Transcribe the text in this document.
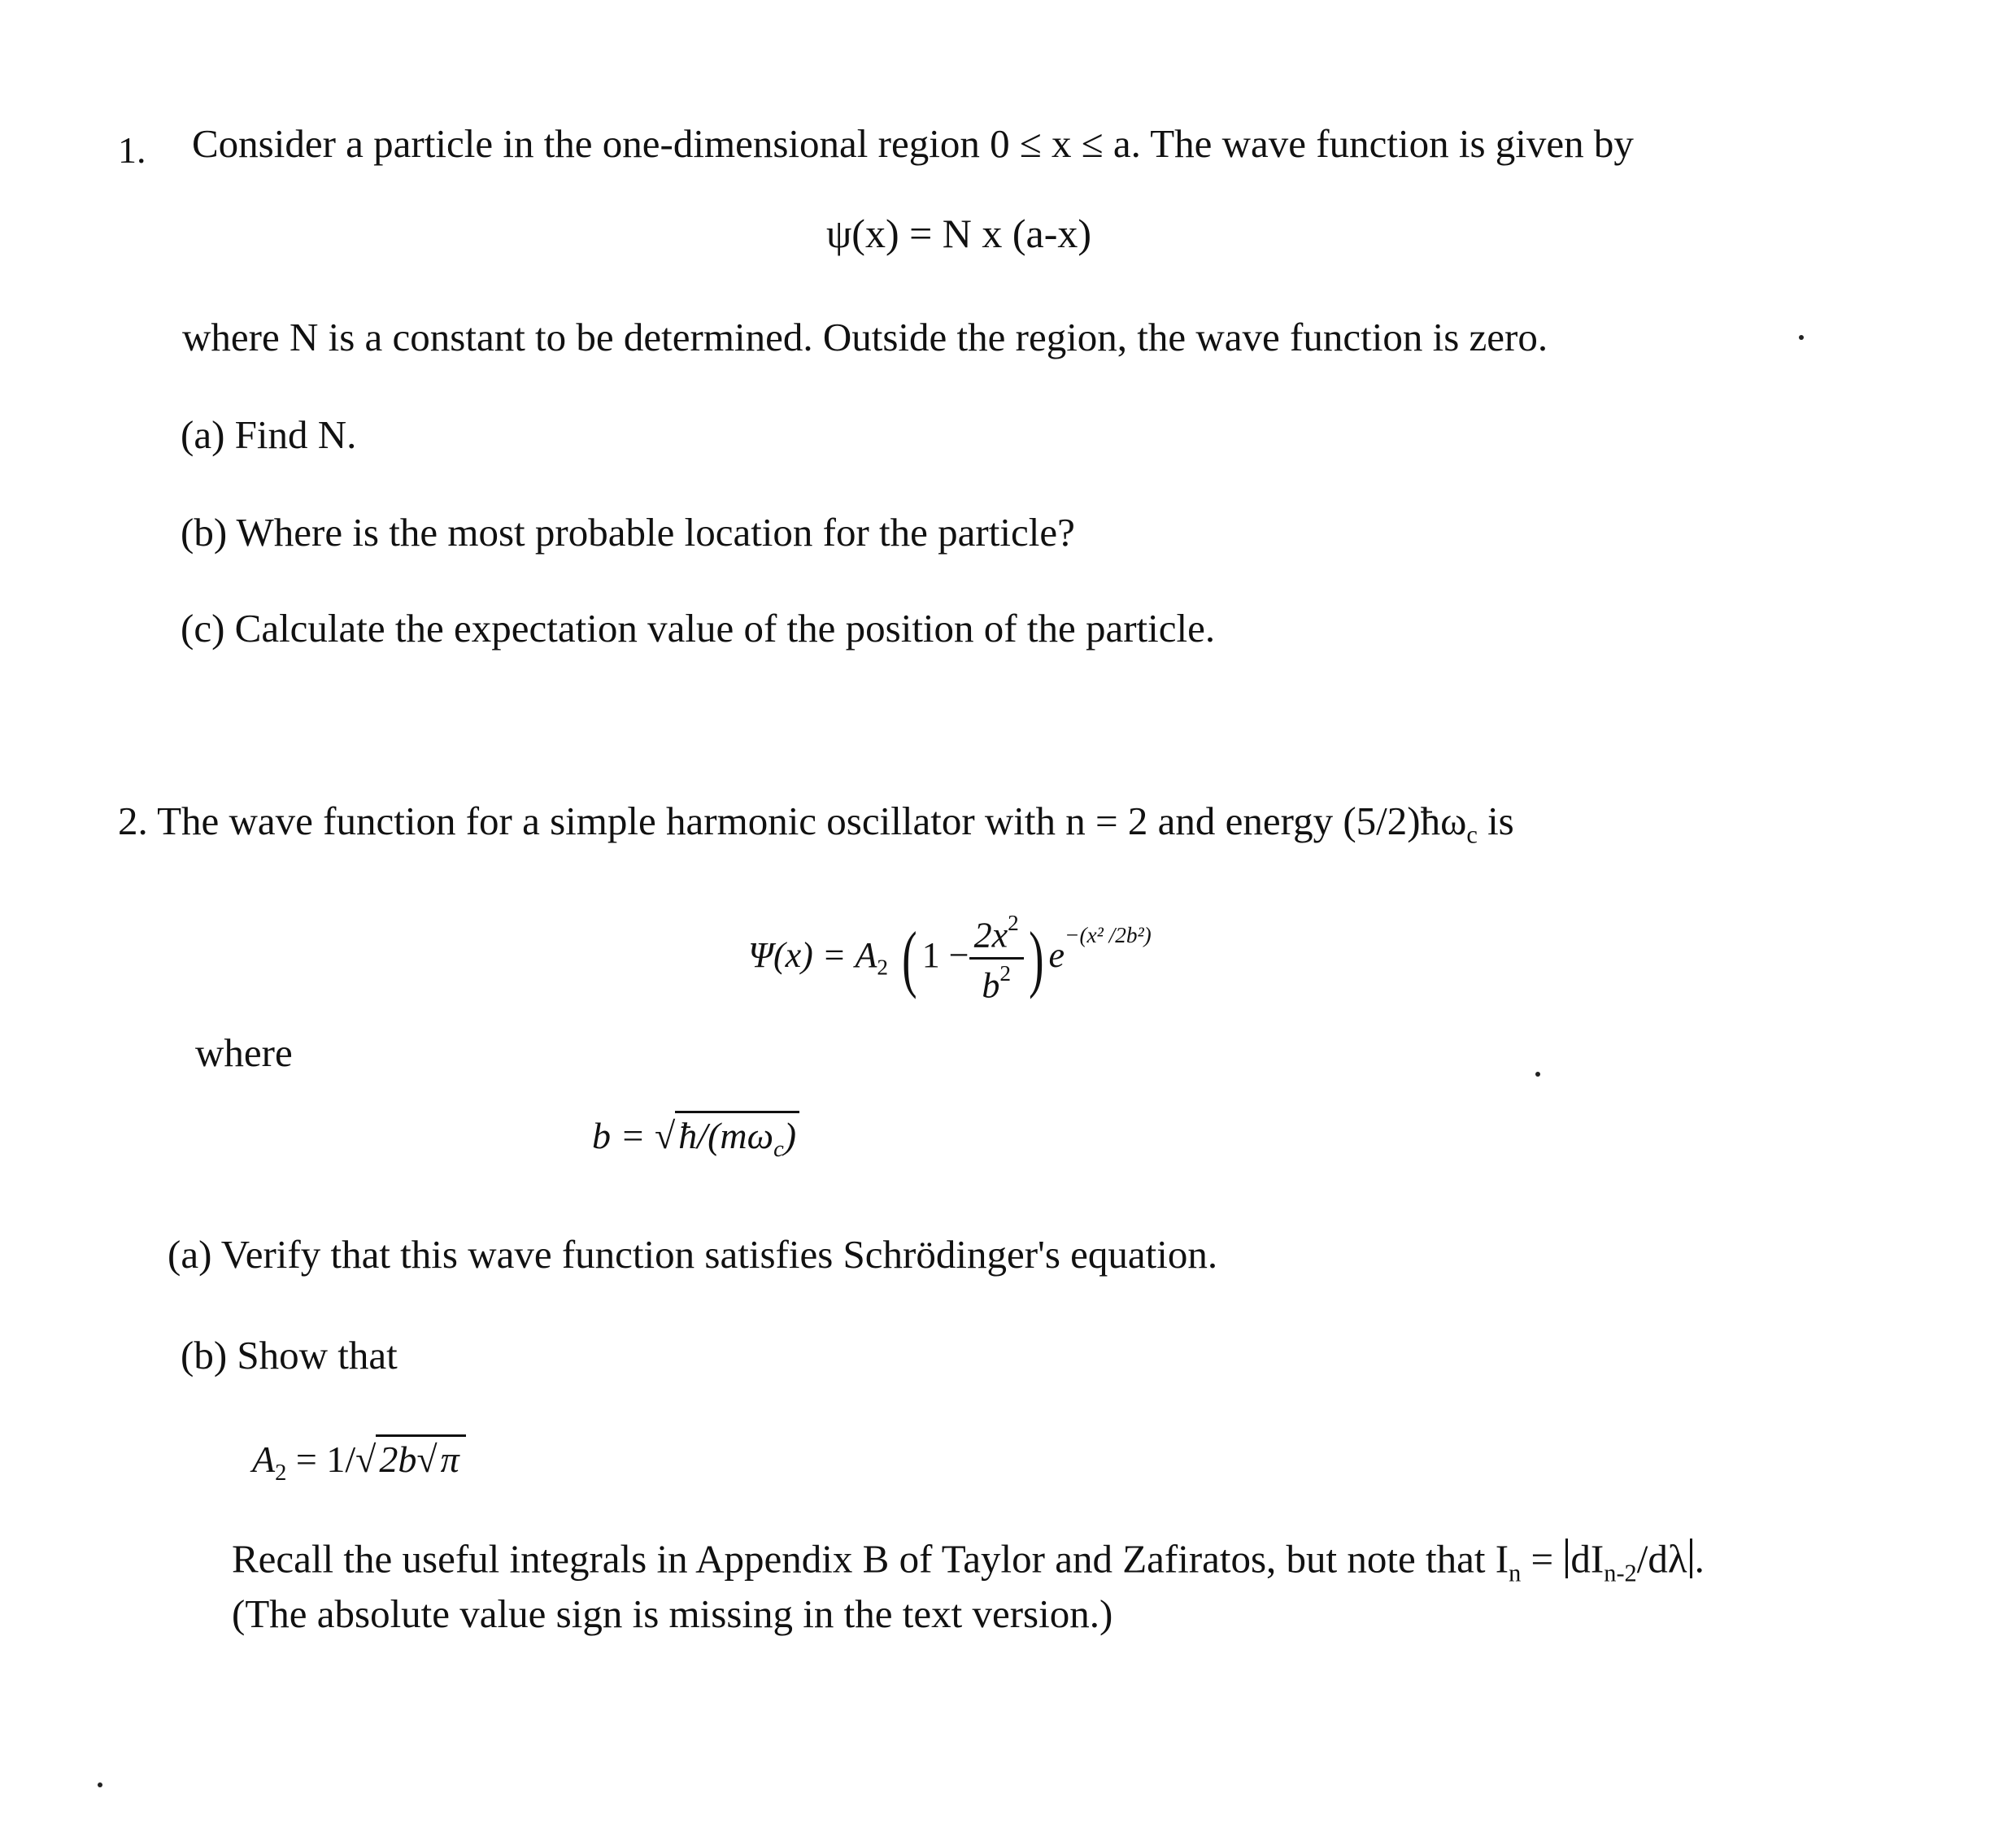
1. Consider a particle in the one-dimensional region 0 ≤ x ≤ a. The wave function is given by
ψ(x) = N x (a-x)
where N is a constant to be determined. Outside the region, the wave function is zero.
(a) Find N.
(b) Where is the most probable location for the particle?
(c) Calculate the expectation value of the position of the particle.
2. The wave function for a simple harmonic oscillator with n = 2 and energy $(5/2)ħ\omega_c$ is
$\Psi(x) = A_2$ ( $1 - \frac{2x^2}{b^2}$ ) $e^{-(x^2 /2b^2)}$
where
$b = √ħ/(m\omega_c)$
(a) Verify that this wave function satisfies Schrödinger's equation.
(b) Show that
$A_2 = 1/√2b√\pi$
Recall the useful integrals in Appendix B of Taylor and Zafiratos, but note that $I_n = dI_{n-2}/d\lambda$ .
(The absolute value sign is missing in the text version.)
